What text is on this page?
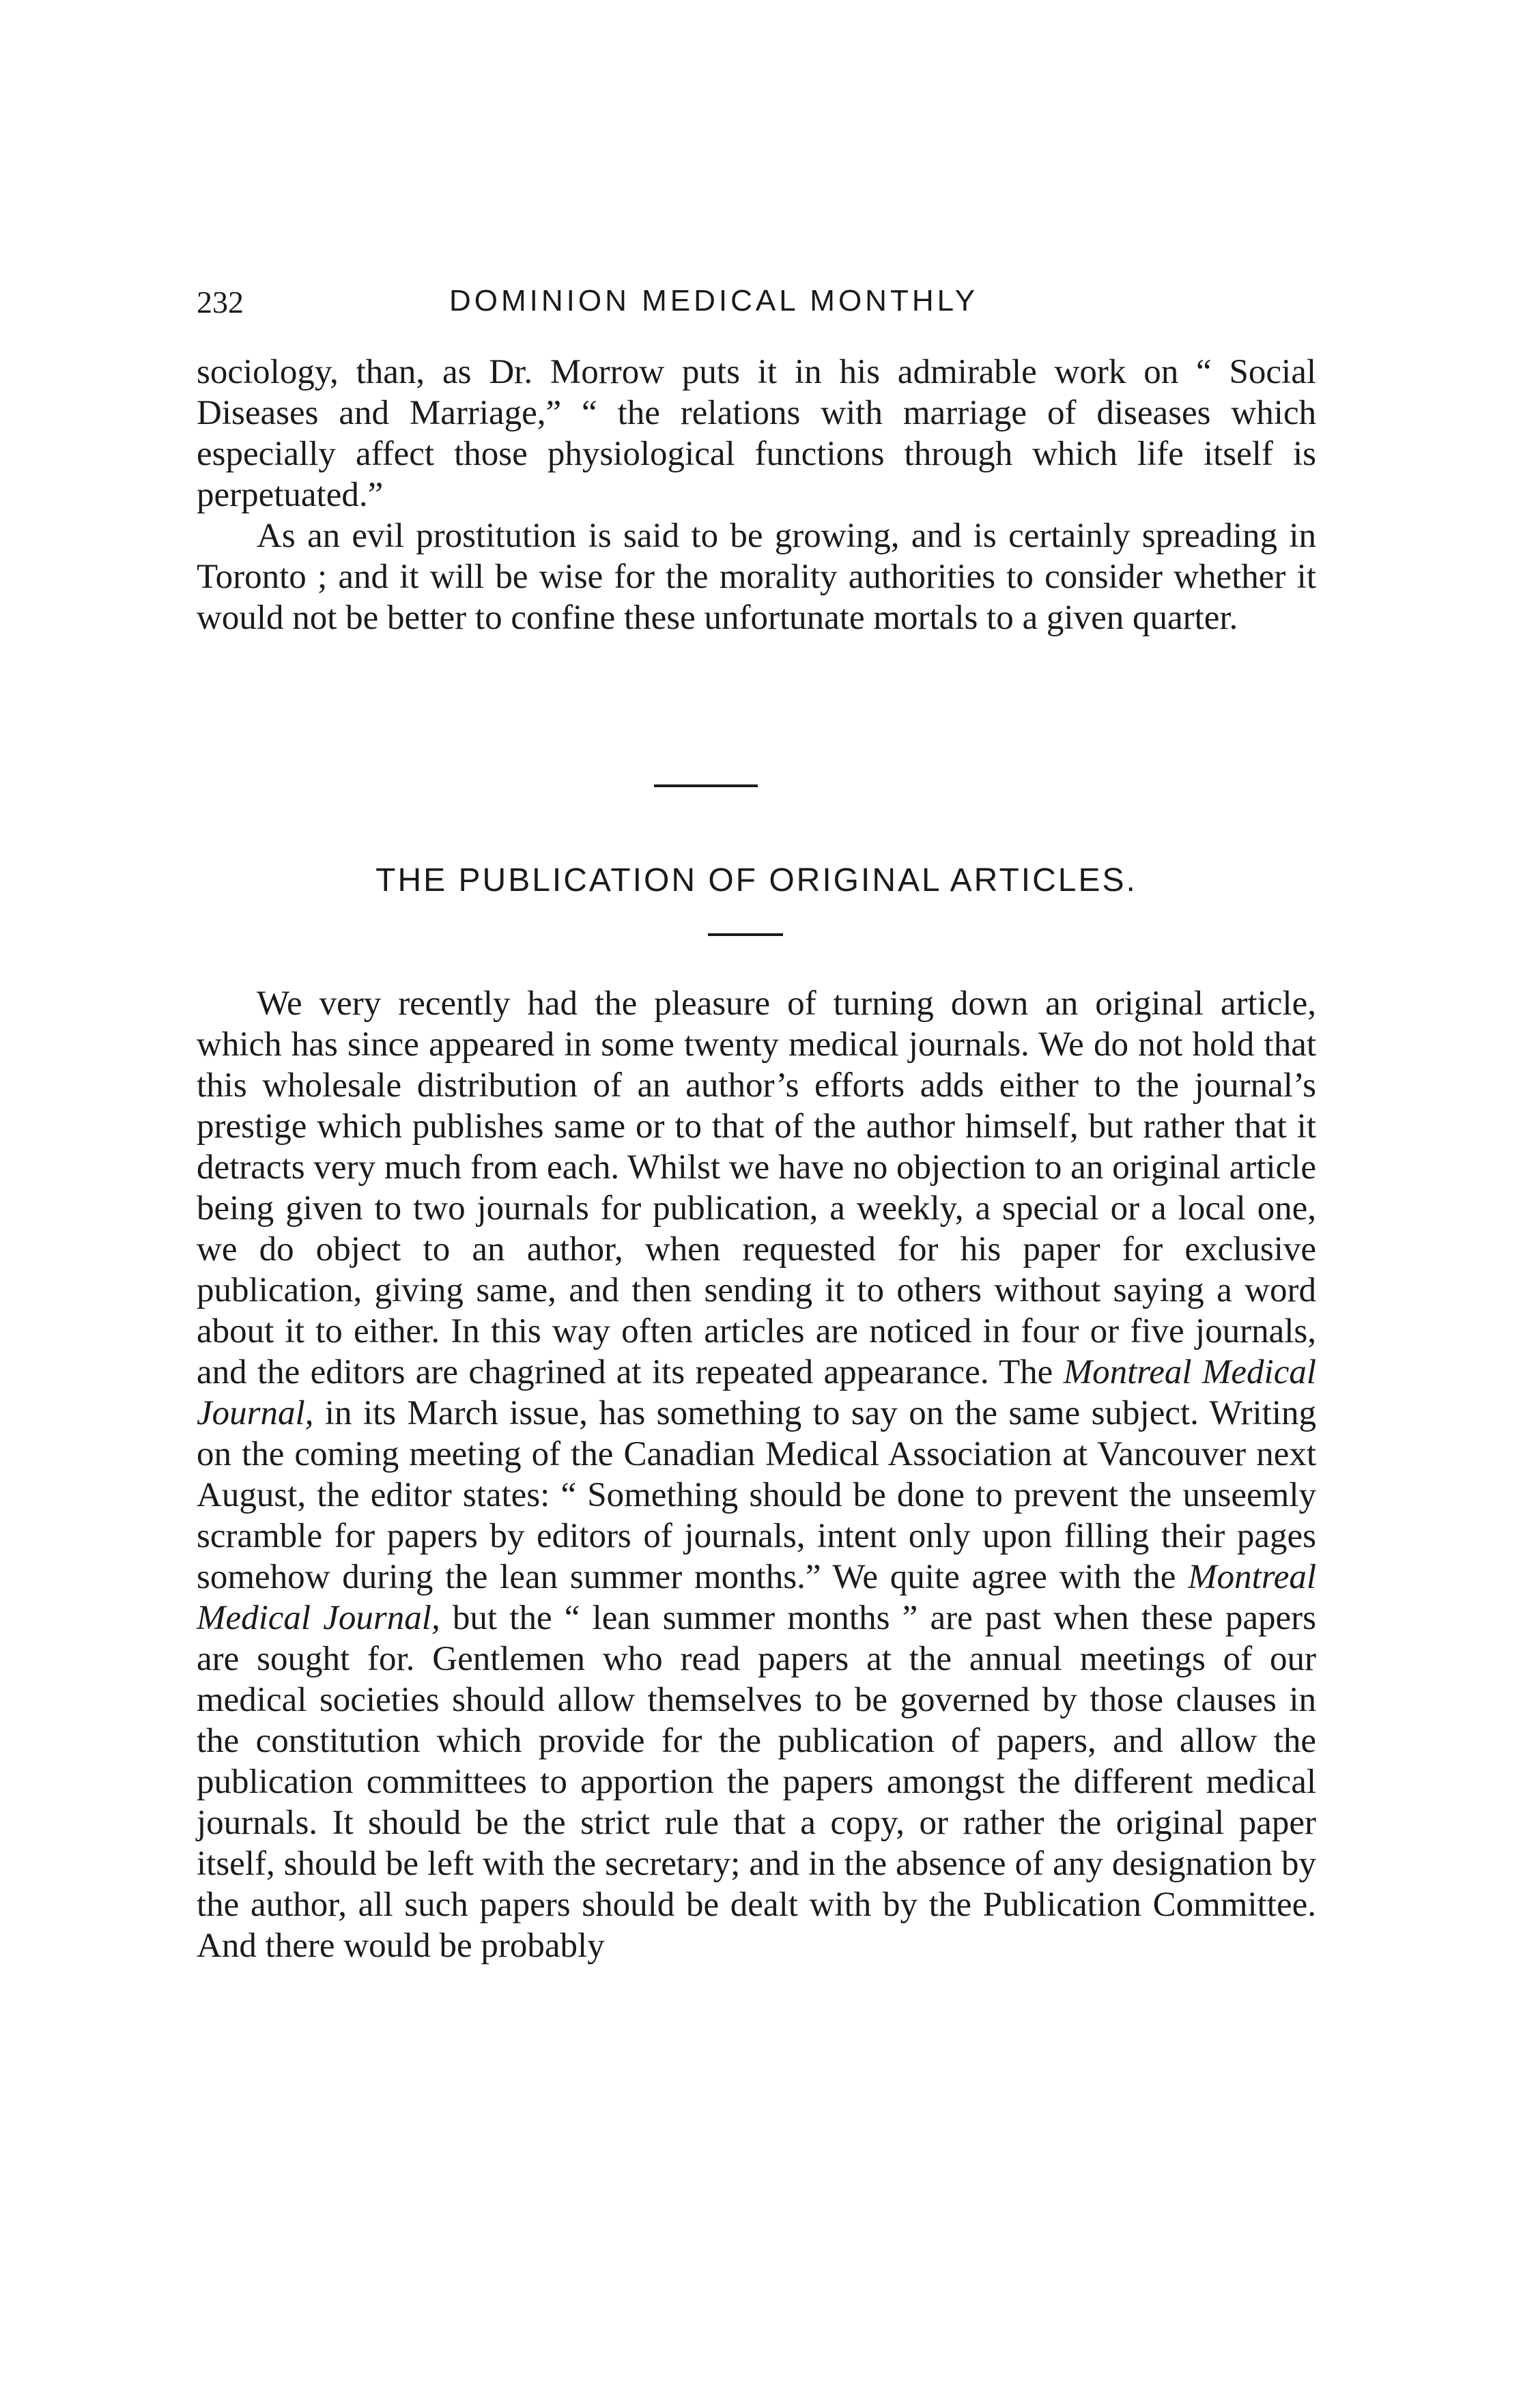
232	DOMINION MEDICAL MONTHLY

sociology, than, as Dr. Morrow puts it in his admirable work on “ Social Diseases and Marriage,” “ the relations with marriage of diseases which especially affect those physiological functions through which life itself is perpetuated.”

As an evil prostitution is said to be growing, and is certainly spreading in Toronto ; and it will be wise for the morality authorities to consider whether it would not be better to confine these unfortunate mortals to a given quarter.

THE PUBLICATION OF ORIGINAL ARTICLES.

We very recently had the pleasure of turning down an original article, which has since appeared in some twenty medical journals. We do not hold that this wholesale distribution of an author’s efforts adds either to the journal’s prestige which publishes same or to that of the author himself, but rather that it detracts very much from each. Whilst we have no objection to an original article being given to two journals for publication, a weekly, a special or a local one, we do object to an author, when requested for his paper for exclusive publication, giving same, and then sending it to others without saying a word about it to either. In this way often articles are noticed in four or five journals, and the editors are chagrined at its repeated appearance. The Montreal Medical Journal, in its March issue, has something to say on the same subject. Writing on the coming meeting of the Canadian Medical Association at Vancouver next August, the editor states: “ Something should be done to prevent the unseemly scramble for papers by editors of journals, intent only upon filling their pages somehow during the lean summer months.” We quite agree with the Montreal Medical Journal, but the “ lean summer months ” are past when these papers are sought for. Gentlemen who read papers at the annual meetings of our medical societies should allow themselves to be governed by those clauses in the constitution which provide for the publication of papers, and allow the publication committees to apportion the papers amongst the different medical journals. It should be the strict rule that a copy, or rather the original paper itself, should be left with the secretary; and in the absence of any designation by the author, all such papers should be dealt with by the Publication Committee. And there would be probably
